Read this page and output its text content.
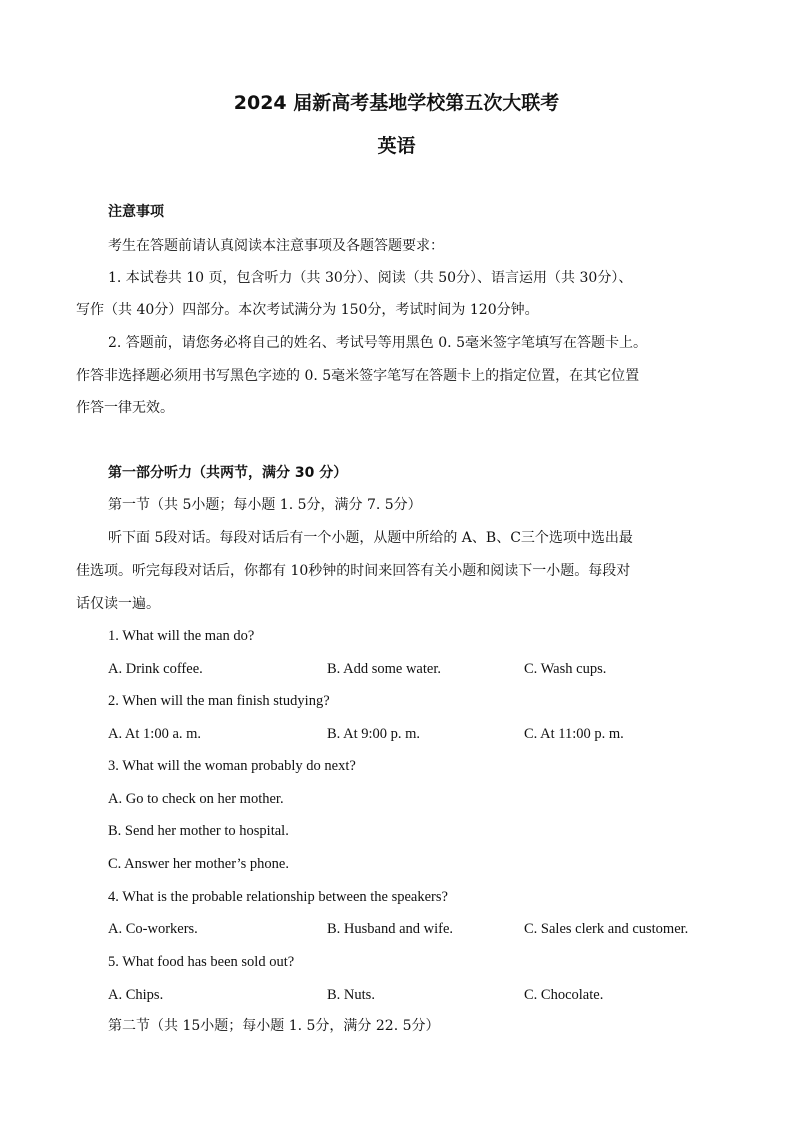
2024 届新高考基地学校第五次大联考
英语
注意事项
考生在答题前请认真阅读本注意事项及各题答题要求：
1. 本试卷共 10 页，包含听力（共 30分）、阅读（共 50分）、语言运用（共 30分）、
写作（共 40分）四部分。本次考试满分为 150分，考试时间为 120分钟。
2. 答题前，请您务必将自己的姓名、考试号等用黑色 0. 5毫米签字笔填写在答题卡上。
作答非选择题必须用书写黑色字迹的 0. 5毫米签字笔写在答题卡上的指定位置，在其它位置
作答一律无效。
第一部分听力（共两节，满分 30 分）
第一节（共 5小题；每小题 1. 5分，满分 7. 5分）
听下面 5段对话。每段对话后有一个小题，从题中所给的 A、B、C三个选项中选出最
佳选项。听完每段对话后，你都有 10秒钟的时间来回答有关小题和阅读下一小题。每段对
话仅读一遍。
1. What will the man do?
A. Drink coffee.	B. Add some water.	C. Wash cups.
2. When will the man finish studying?
A. At 1:00 a. m.	B. At 9:00 p. m.	C. At 11:00 p. m.
3. What will the woman probably do next?
A. Go to check on her mother.
B. Send her mother to hospital.
C. Answer her mother’s phone.
4. What is the probable relationship between the speakers?
A. Co-workers.	B. Husband and wife.	C. Sales clerk and customer.
5. What food has been sold out?
A. Chips.	B. Nuts.	C. Chocolate.
第二节（共 15小题；每小题 1. 5分，满分 22. 5分）
